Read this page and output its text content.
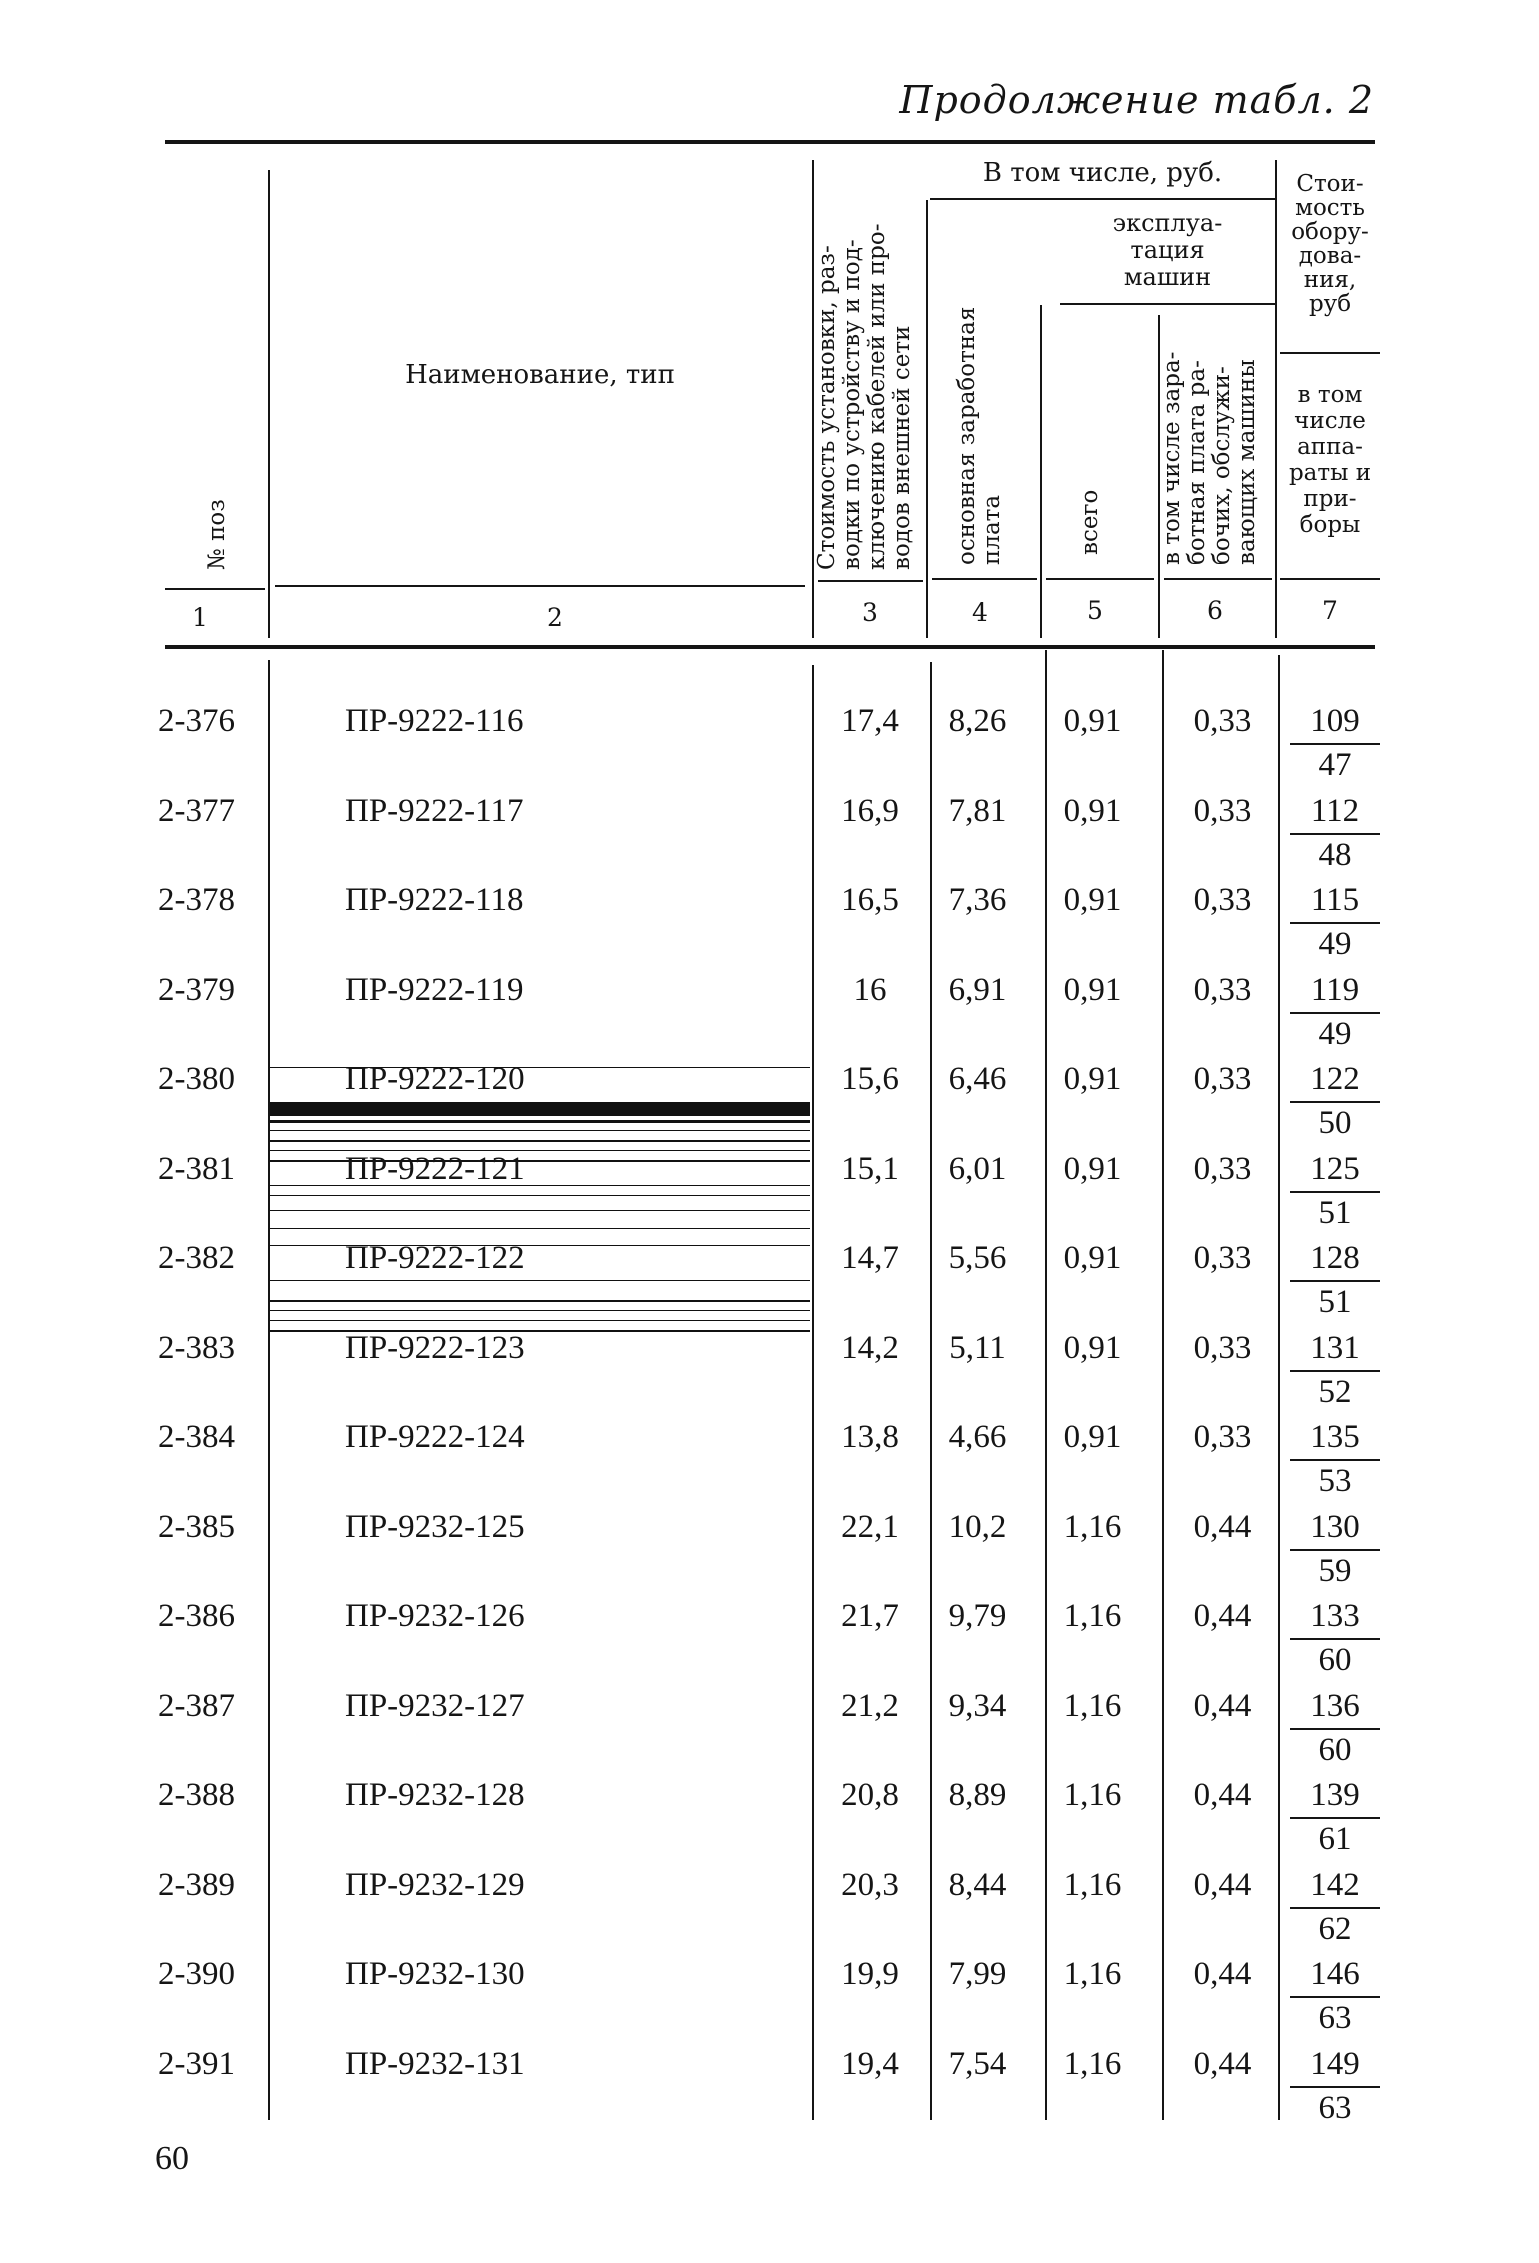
Продолжение табл. 2
№ поз
Наименование, тип
Стоимость установки, раз-
водки по устройству и под-
ключению кабелей или про-
водов внешней сети
В том числе, руб.
основная заработная
плата
эксплуа-
тация
машин
всего
в том числе зара-
ботная плата ра-
бочих, обслужи-
вающих машины
Стои-
мость
обору-
дова-
ния,
руб
в том
числе
аппа-
раты и
при-
боры
1	2	3	4	5	6	7
2-376	ПР-9222-116	17,4	8,26	0,91	0,33	109
47
2-377	ПР-9222-117	16,9	7,81	0,91	0,33	112
48
2-378	ПР-9222-118	16,5	7,36	0,91	0,33	115
49
2-379	ПР-9222-119	16	6,91	0,91	0,33	119
49
2-380	ПР-9222-120	15,6	6,46	0,91	0,33	122
50
2-381	ПР-9222-121	15,1	6,01	0,91	0,33	125
51
2-382	ПР-9222-122	14,7	5,56	0,91	0,33	128
51
2-383	ПР-9222-123	14,2	5,11	0,91	0,33	131
52
2-384	ПР-9222-124	13,8	4,66	0,91	0,33	135
53
2-385	ПР-9232-125	22,1	10,2	1,16	0,44	130
59
2-386	ПР-9232-126	21,7	9,79	1,16	0,44	133
60
2-387	ПР-9232-127	21,2	9,34	1,16	0,44	136
60
2-388	ПР-9232-128	20,8	8,89	1,16	0,44	139
61
2-389	ПР-9232-129	20,3	8,44	1,16	0,44	142
62
2-390	ПР-9232-130	19,9	7,99	1,16	0,44	146
63
2-391	ПР-9232-131	19,4	7,54	1,16	0,44	149
63
60
